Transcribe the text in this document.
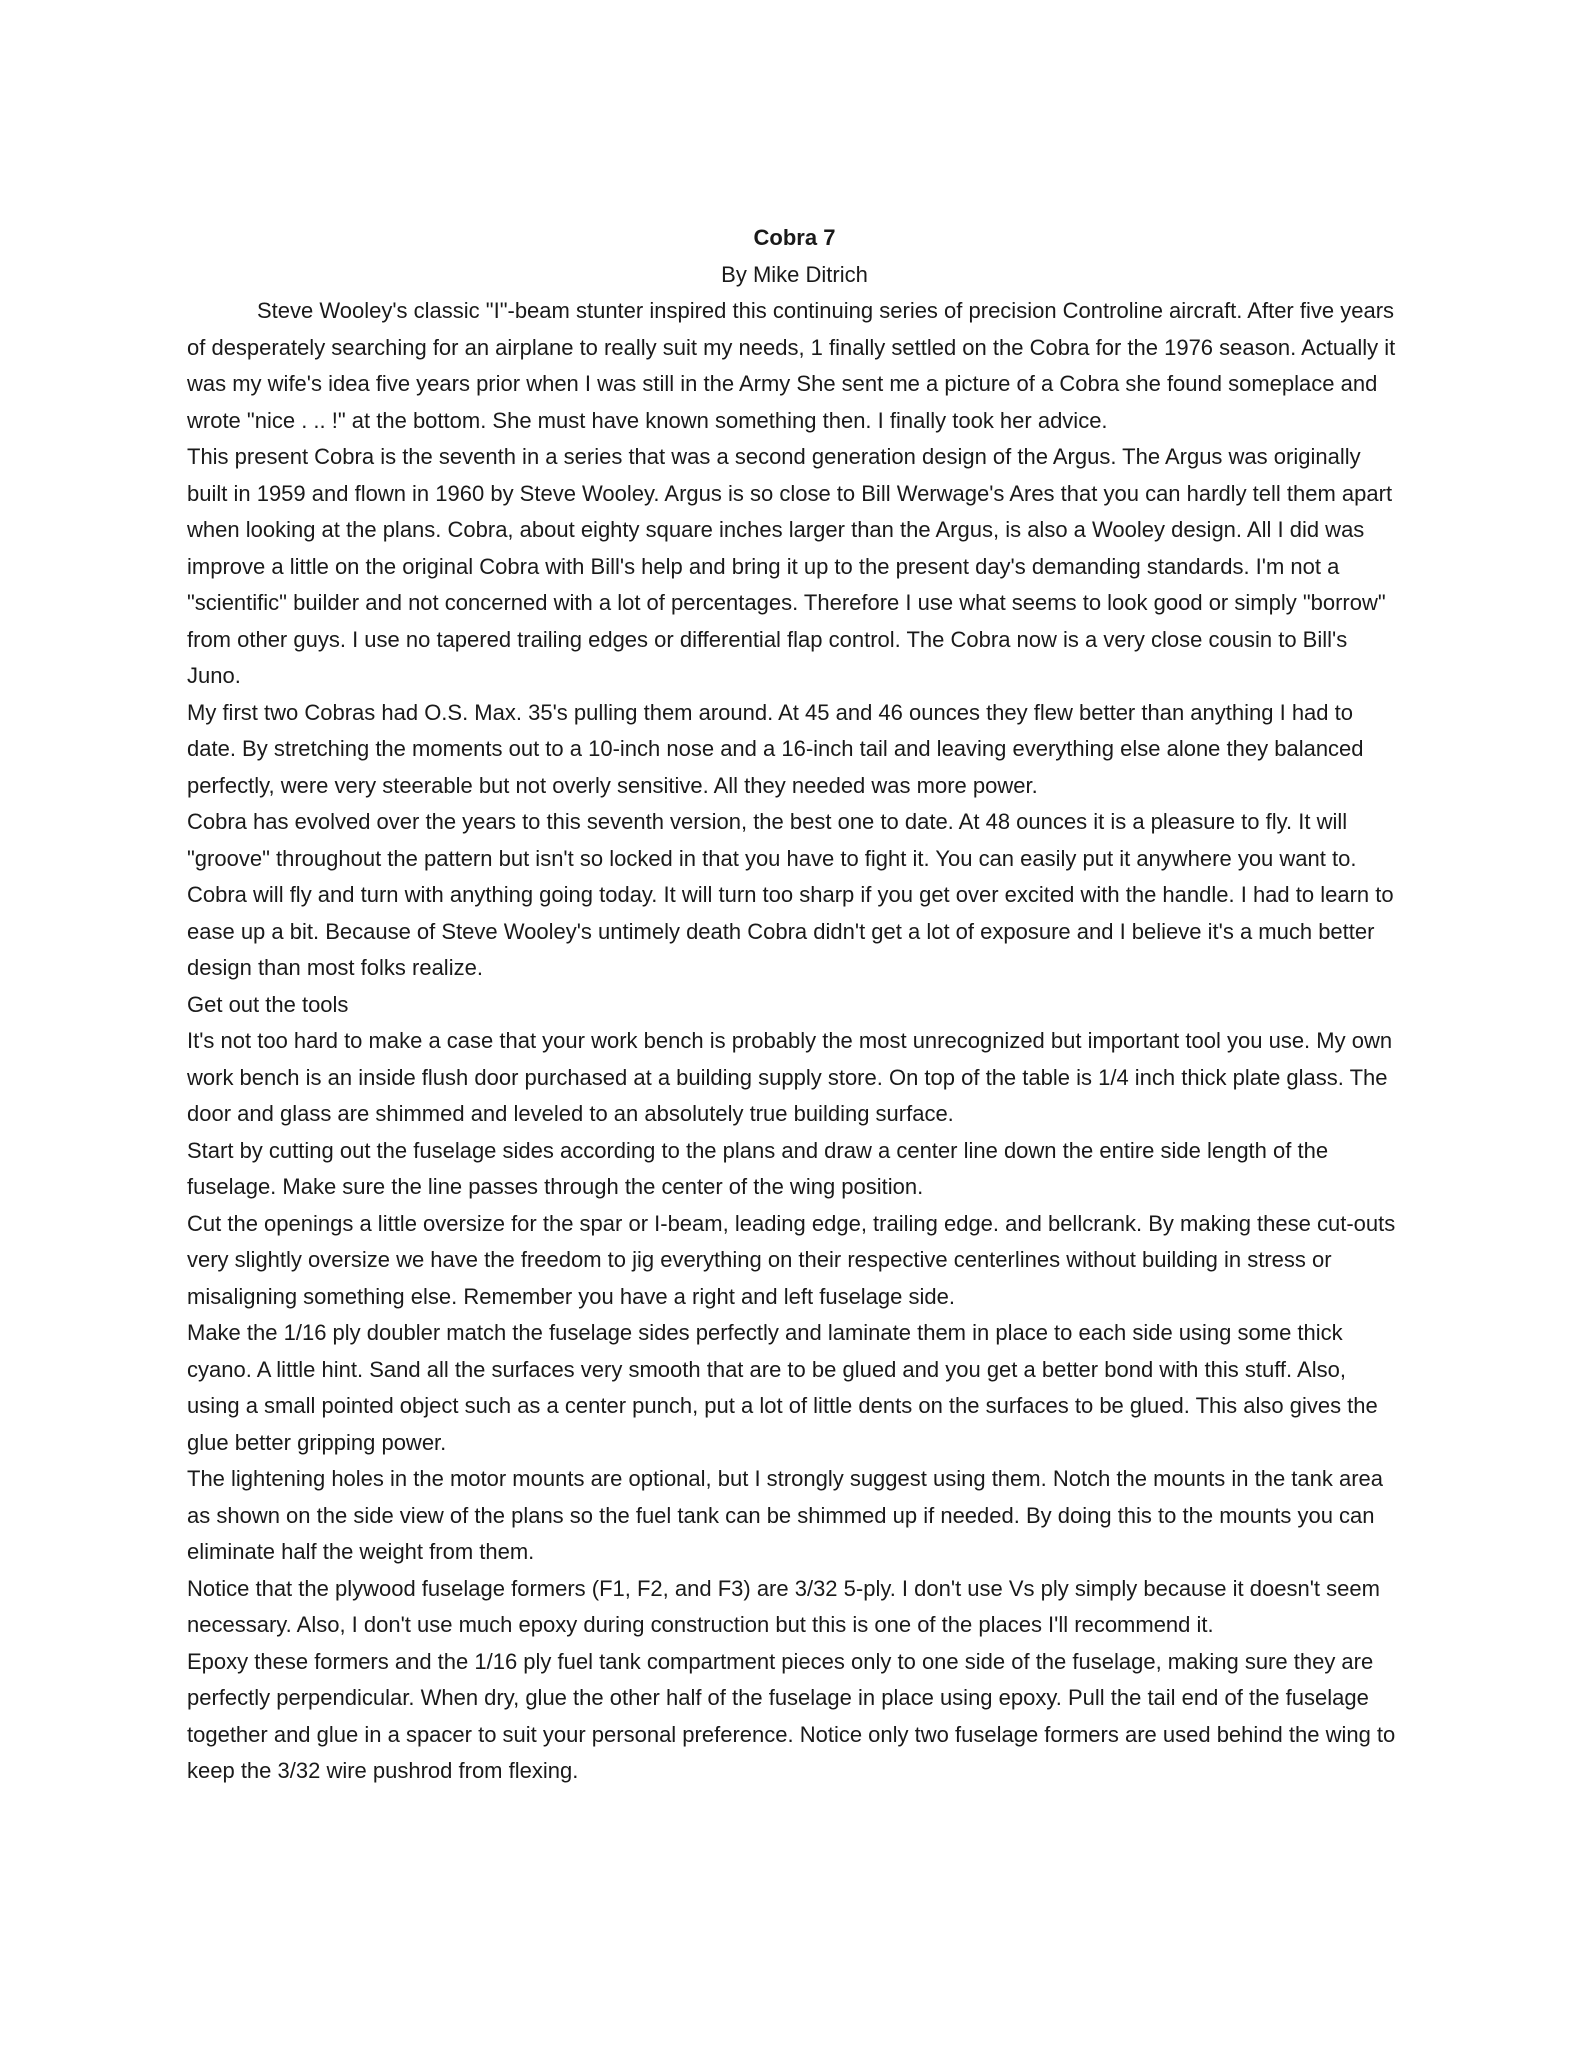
Cobra 7

By Mike Ditrich

Steve Wooley's classic "I"-beam stunter inspired this continuing series of precision Controline aircraft. After five years of desperately searching for an airplane to really suit my needs, 1 finally settled on the Cobra for the 1976 season. Actually it was my wife's idea five years prior when I was still in the Army She sent me a picture of a Cobra she found someplace and wrote "nice . .. !" at the bottom. She must have known something then. I finally took her advice.

This present Cobra is the seventh in a series that was a second generation design of the Argus. The Argus was originally built in 1959 and flown in 1960 by Steve Wooley. Argus is so close to Bill Werwage's Ares that you can hardly tell them apart when looking at the plans. Cobra, about eighty square inches larger than the Argus, is also a Wooley design. All I did was improve a little on the original Cobra with Bill's help and bring it up to the present day's demanding standards. I'm not a "scientific" builder and not concerned with a lot of percentages. Therefore I use what seems to look good or simply "borrow" from other guys. I use no tapered trailing edges or differential flap control. The Cobra now is a very close cousin to Bill's Juno.

My first two Cobras had O.S. Max. 35's pulling them around. At 45 and 46 ounces they flew better than anything I had to date. By stretching the moments out to a 10-inch nose and a 16-inch tail and leaving everything else alone they balanced perfectly, were very steerable but not overly sensitive. All they needed was more power.

Cobra has evolved over the years to this seventh version, the best one to date. At 48 ounces it is a pleasure to fly. It will "groove" throughout the pattern but isn't so locked in that you have to fight it. You can easily put it anywhere you want to. Cobra will fly and turn with anything going today. It will turn too sharp if you get over excited with the handle. I had to learn to ease up a bit. Because of Steve Wooley's untimely death Cobra didn't get a lot of exposure and I believe it's a much better design than most folks realize.

Get out the tools

It's not too hard to make a case that your work bench is probably the most unrecognized but important tool you use. My own work bench is an inside flush door purchased at a building supply store. On top of the table is 1/4 inch thick plate glass. The door and glass are shimmed and leveled to an absolutely true building surface.

Start by cutting out the fuselage sides according to the plans and draw a center line down the entire side length of the fuselage. Make sure the line passes through the center of the wing position.

Cut the openings a little oversize for the spar or I-beam, leading edge, trailing edge. and bellcrank. By making these cut-outs very slightly oversize we have the freedom to jig everything on their respective centerlines without building in stress or misaligning something else. Remember you have a right and left fuselage side.

Make the 1/16 ply doubler match the fuselage sides perfectly and laminate them in place to each side using some thick cyano. A little hint. Sand all the surfaces very smooth that are to be glued and you get a better bond with this stuff. Also, using a small pointed object such as a center punch, put a lot of little dents on the surfaces to be glued. This also gives the glue better gripping power.

The lightening holes in the motor mounts are optional, but I strongly suggest using them. Notch the mounts in the tank area as shown on the side view of the plans so the fuel tank can be shimmed up if needed. By doing this to the mounts you can eliminate half the weight from them.

Notice that the plywood fuselage formers (F1, F2, and F3) are 3/32 5-ply. I don't use Vs ply simply because it doesn't seem necessary. Also, I don't use much epoxy during construction but this is one of the places I'll recommend it.

Epoxy these formers and the 1/16 ply fuel tank compartment pieces only to one side of the fuselage, making sure they are perfectly perpendicular. When dry, glue the other half of the fuselage in place using epoxy. Pull the tail end of the fuselage together and glue in a spacer to suit your personal preference. Notice only two fuselage formers are used behind the wing to keep the 3/32 wire pushrod from flexing.
